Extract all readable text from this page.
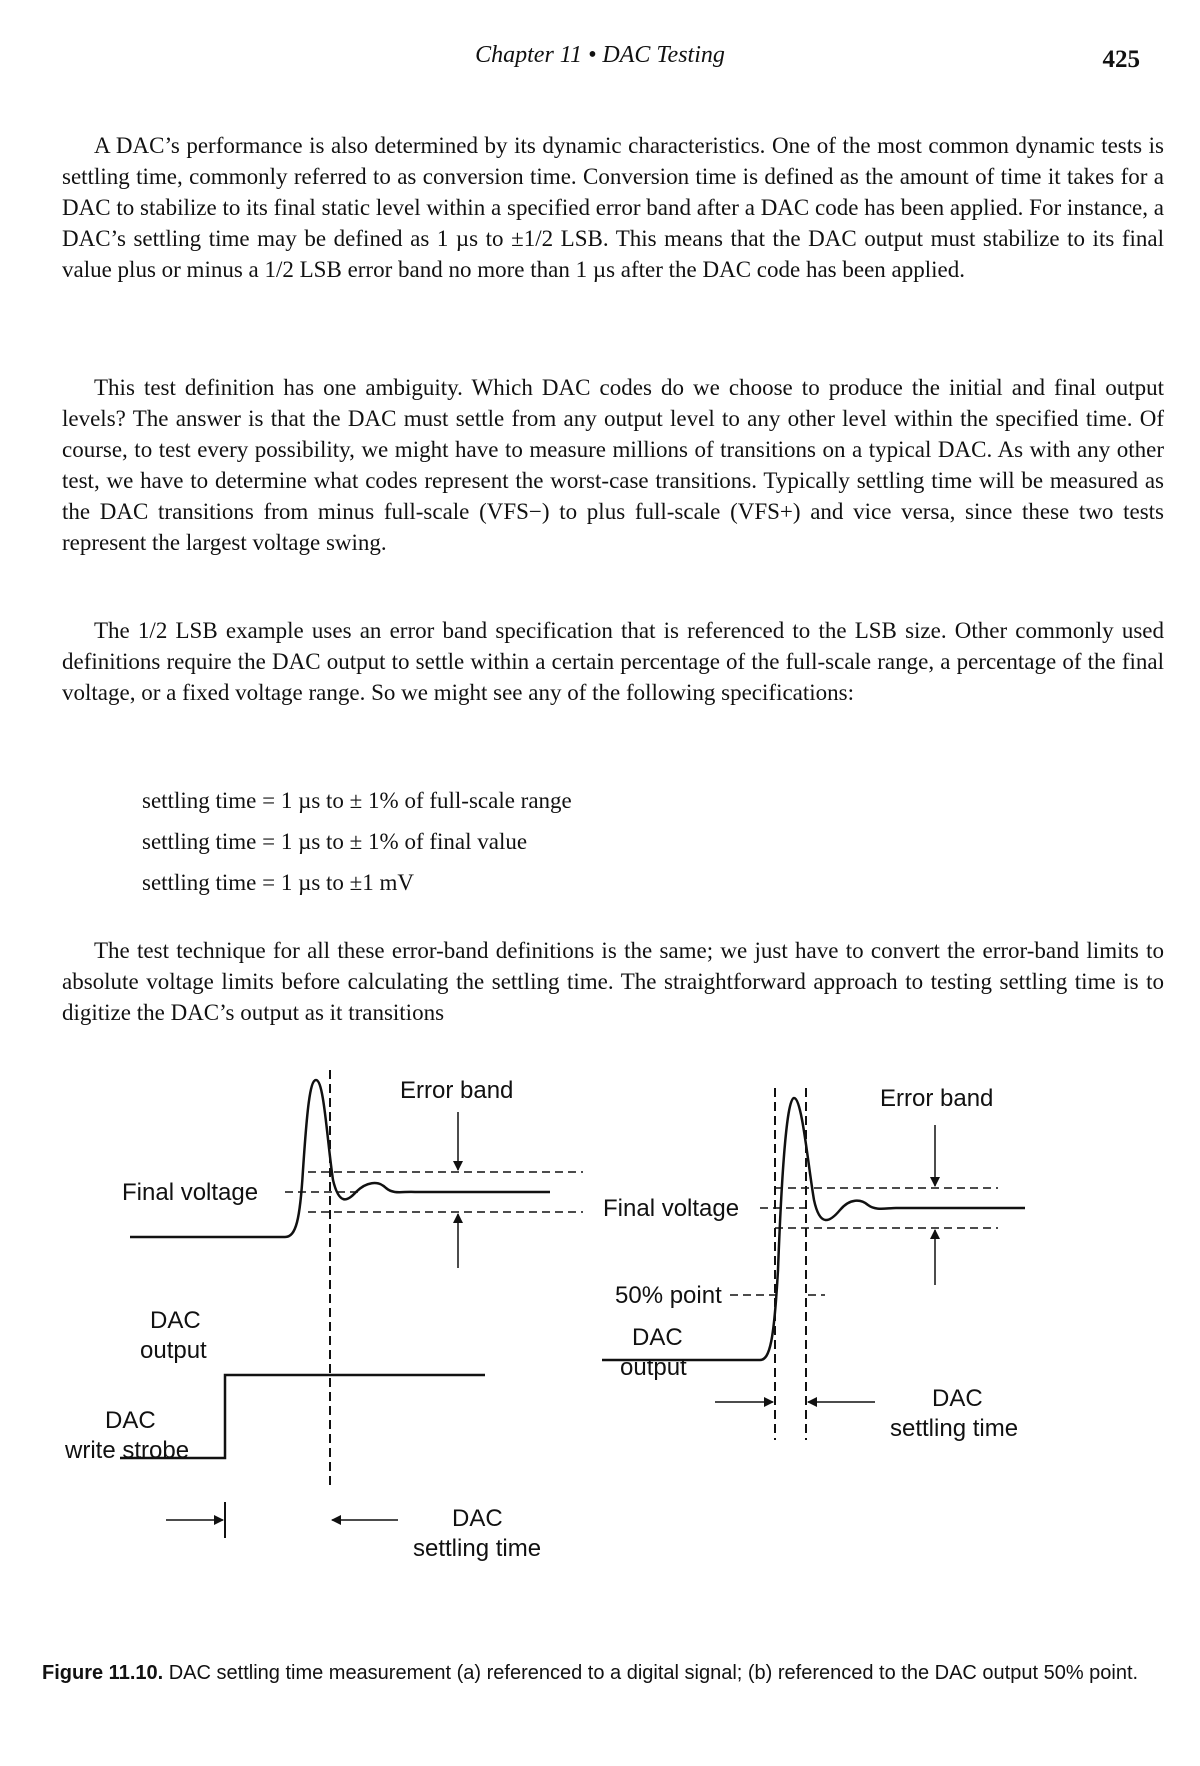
Chapter 11 • DAC Testing	425

A DAC’s performance is also determined by its dynamic characteristics. One of the most common dynamic tests is settling time, commonly referred to as conversion time. Conversion time is defined as the amount of time it takes for a DAC to stabilize to its final static level within a specified error band after a DAC code has been applied. For instance, a DAC’s settling time may be defined as 1 µs to ±1/2 LSB. This means that the DAC output must stabilize to its final value plus or minus a 1/2 LSB error band no more than 1 µs after the DAC code has been applied.

This test definition has one ambiguity. Which DAC codes do we choose to produce the initial and final output levels? The answer is that the DAC must settle from any output level to any other level within the specified time. Of course, to test every possibility, we might have to measure millions of transitions on a typical DAC. As with any other test, we have to determine what codes represent the worst-case transitions. Typically settling time will be measured as the DAC transitions from minus full-scale (VFS−) to plus full-scale (VFS+) and vice versa, since these two tests represent the largest voltage swing.

The 1/2 LSB example uses an error band specification that is referenced to the LSB size. Other commonly used definitions require the DAC output to settle within a certain percentage of the full-scale range, a percentage of the final voltage, or a fixed voltage range. So we might see any of the following specifications:

settling time = 1 µs to ± 1% of full-scale range
settling time = 1 µs to ± 1% of final value
settling time = 1 µs to ±1 mV

The test technique for all these error-band definitions is the same; we just have to convert the error-band limits to absolute voltage limits before calculating the settling time. The straightforward approach to testing settling time is to digitize the DAC’s output as it transitions

Error band
Final voltage
DAC
output
DAC
write strobe
DAC
settling time
Error band
Final voltage
50% point
DAC
output
DAC
settling time
Figure 11.10. DAC settling time measurement (a) referenced to a digital signal; (b) referenced to the DAC output 50% point.
